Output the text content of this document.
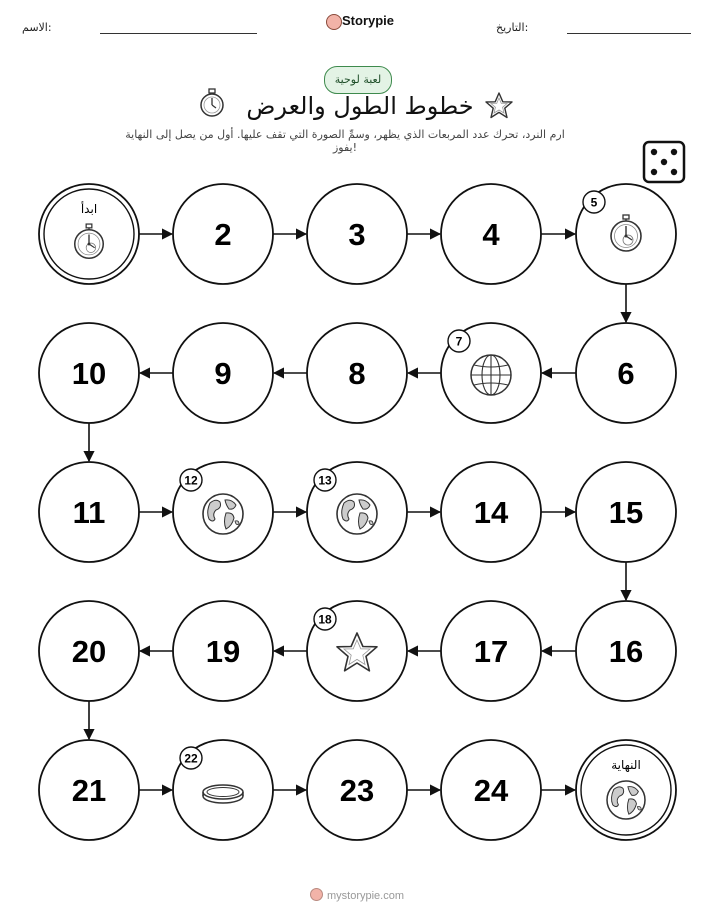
الاسم:	Storypie	التاريخ:
لعبة لوحية
خطوط الطول والعرض
ارم النرد، تحرك عدد المربعات الذي يظهر، وسمِّ الصورة التي تقف عليها. أول من يصل إلى النهاية يفوز!
ابدأ
2	3	4
5
6
7
8
9
10
11
12	13
14	15
16
17
18
19
20
21
22
23	24
النهاية
mystorypie.com
